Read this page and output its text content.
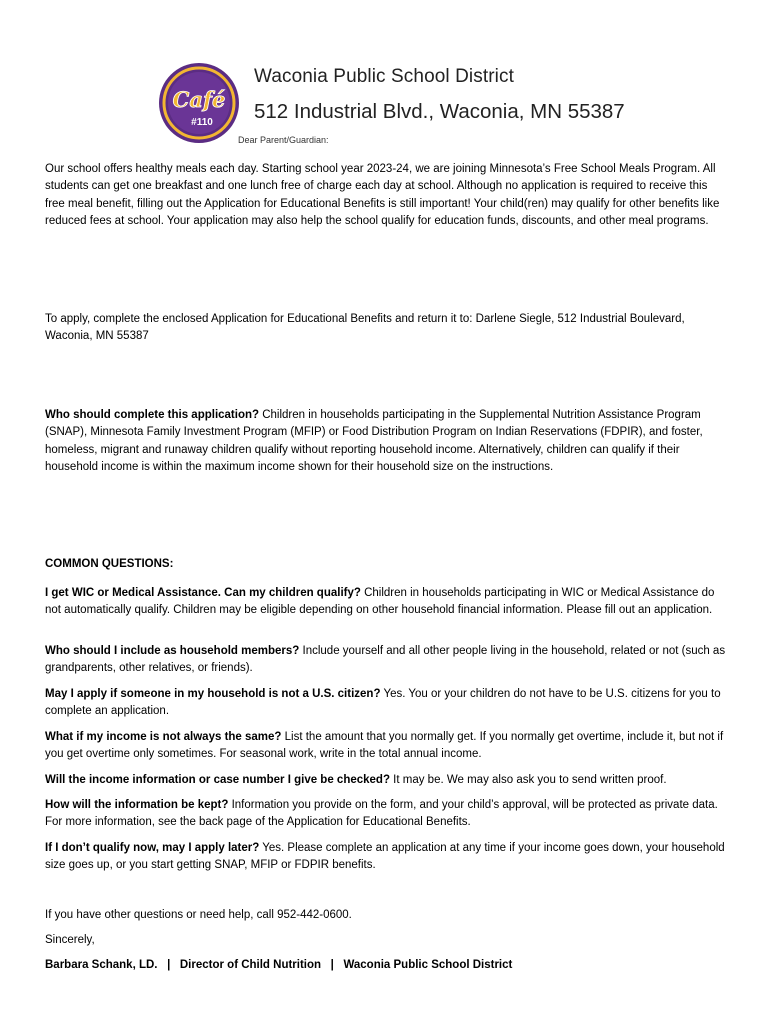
Café
#110
Waconia Public School District
512 Industrial Blvd., Waconia, MN 55387
Dear Parent/Guardian:

Our school offers healthy meals each day. Starting school year 2023-24, we are joining Minnesota’s Free School Meals Program. All students can get one breakfast and one lunch free of charge each day at school. Although no application is required to receive this free meal benefit, filling out the Application for Educational Benefits is still important! Your child(ren) may qualify for other benefits like reduced fees at school. Your application may also help the school qualify for education funds, discounts, and other meal programs.

To apply, complete the enclosed Application for Educational Benefits and return it to: Darlene Siegle, 512 Industrial Boulevard, Waconia, MN 55387

Who should complete this application? Children in households participating in the Supplemental Nutrition Assistance Program (SNAP), Minnesota Family Investment Program (MFIP) or Food Distribution Program on Indian Reservations (FDPIR), and foster, homeless, migrant and runaway children qualify without reporting household income. Alternatively, children can qualify if their household income is within the maximum income shown for their household size on the instructions.

COMMON QUESTIONS:

I get WIC or Medical Assistance. Can my children qualify? Children in households participating in WIC or Medical Assistance do not automatically qualify. Children may be eligible depending on other household financial information. Please fill out an application.

Who should I include as household members? Include yourself and all other people living in the household, related or not (such as grandparents, other relatives, or friends).

May I apply if someone in my household is not a U.S. citizen? Yes. You or your children do not have to be U.S. citizens for you to complete an application.

What if my income is not always the same? List the amount that you normally get. If you normally get overtime, include it, but not if you get overtime only sometimes. For seasonal work, write in the total annual income.

Will the income information or case number I give be checked? It may be. We may also ask you to send written proof.

How will the information be kept? Information you provide on the form, and your child’s approval, will be protected as private data. For more information, see the back page of the Application for Educational Benefits.

If I don’t qualify now, may I apply later? Yes. Please complete an application at any time if your income goes down, your household size goes up, or you start getting SNAP, MFIP or FDPIR benefits.

If you have other questions or need help, call 952-442-0600.

Sincerely,

Barbara Schank, LD.   |   Director of Child Nutrition   |   Waconia Public School District
